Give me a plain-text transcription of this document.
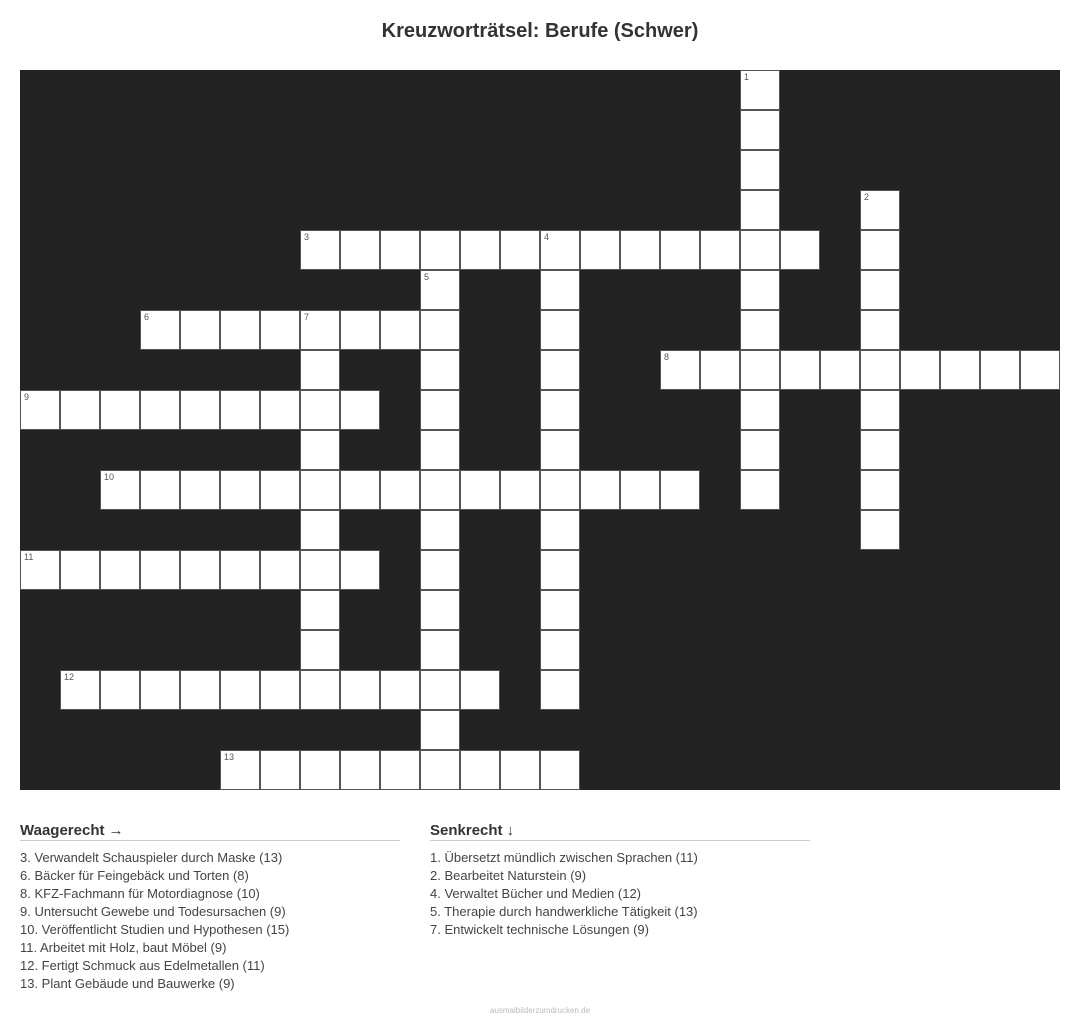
Kreuzworträtsel: Berufe (Schwer)
1
2
3	4
5
6	7
8
9
10
11
12
13
Waagerecht →
3. Verwandelt Schauspieler durch Maske (13)
6. Bäcker für Feingebäck und Torten (8)
8. KFZ-Fachmann für Motordiagnose (10)
9. Untersucht Gewebe und Todesursachen (9)
10. Veröffentlicht Studien und Hypothesen (15)
11. Arbeitet mit Holz, baut Möbel (9)
12. Fertigt Schmuck aus Edelmetallen (11)
13. Plant Gebäude und Bauwerke (9)
Senkrecht ↓
1. Übersetzt mündlich zwischen Sprachen (11)
2. Bearbeitet Naturstein (9)
4. Verwaltet Bücher und Medien (12)
5. Therapie durch handwerkliche Tätigkeit (13)
7. Entwickelt technische Lösungen (9)
ausmalbilderzumdrucken.de
